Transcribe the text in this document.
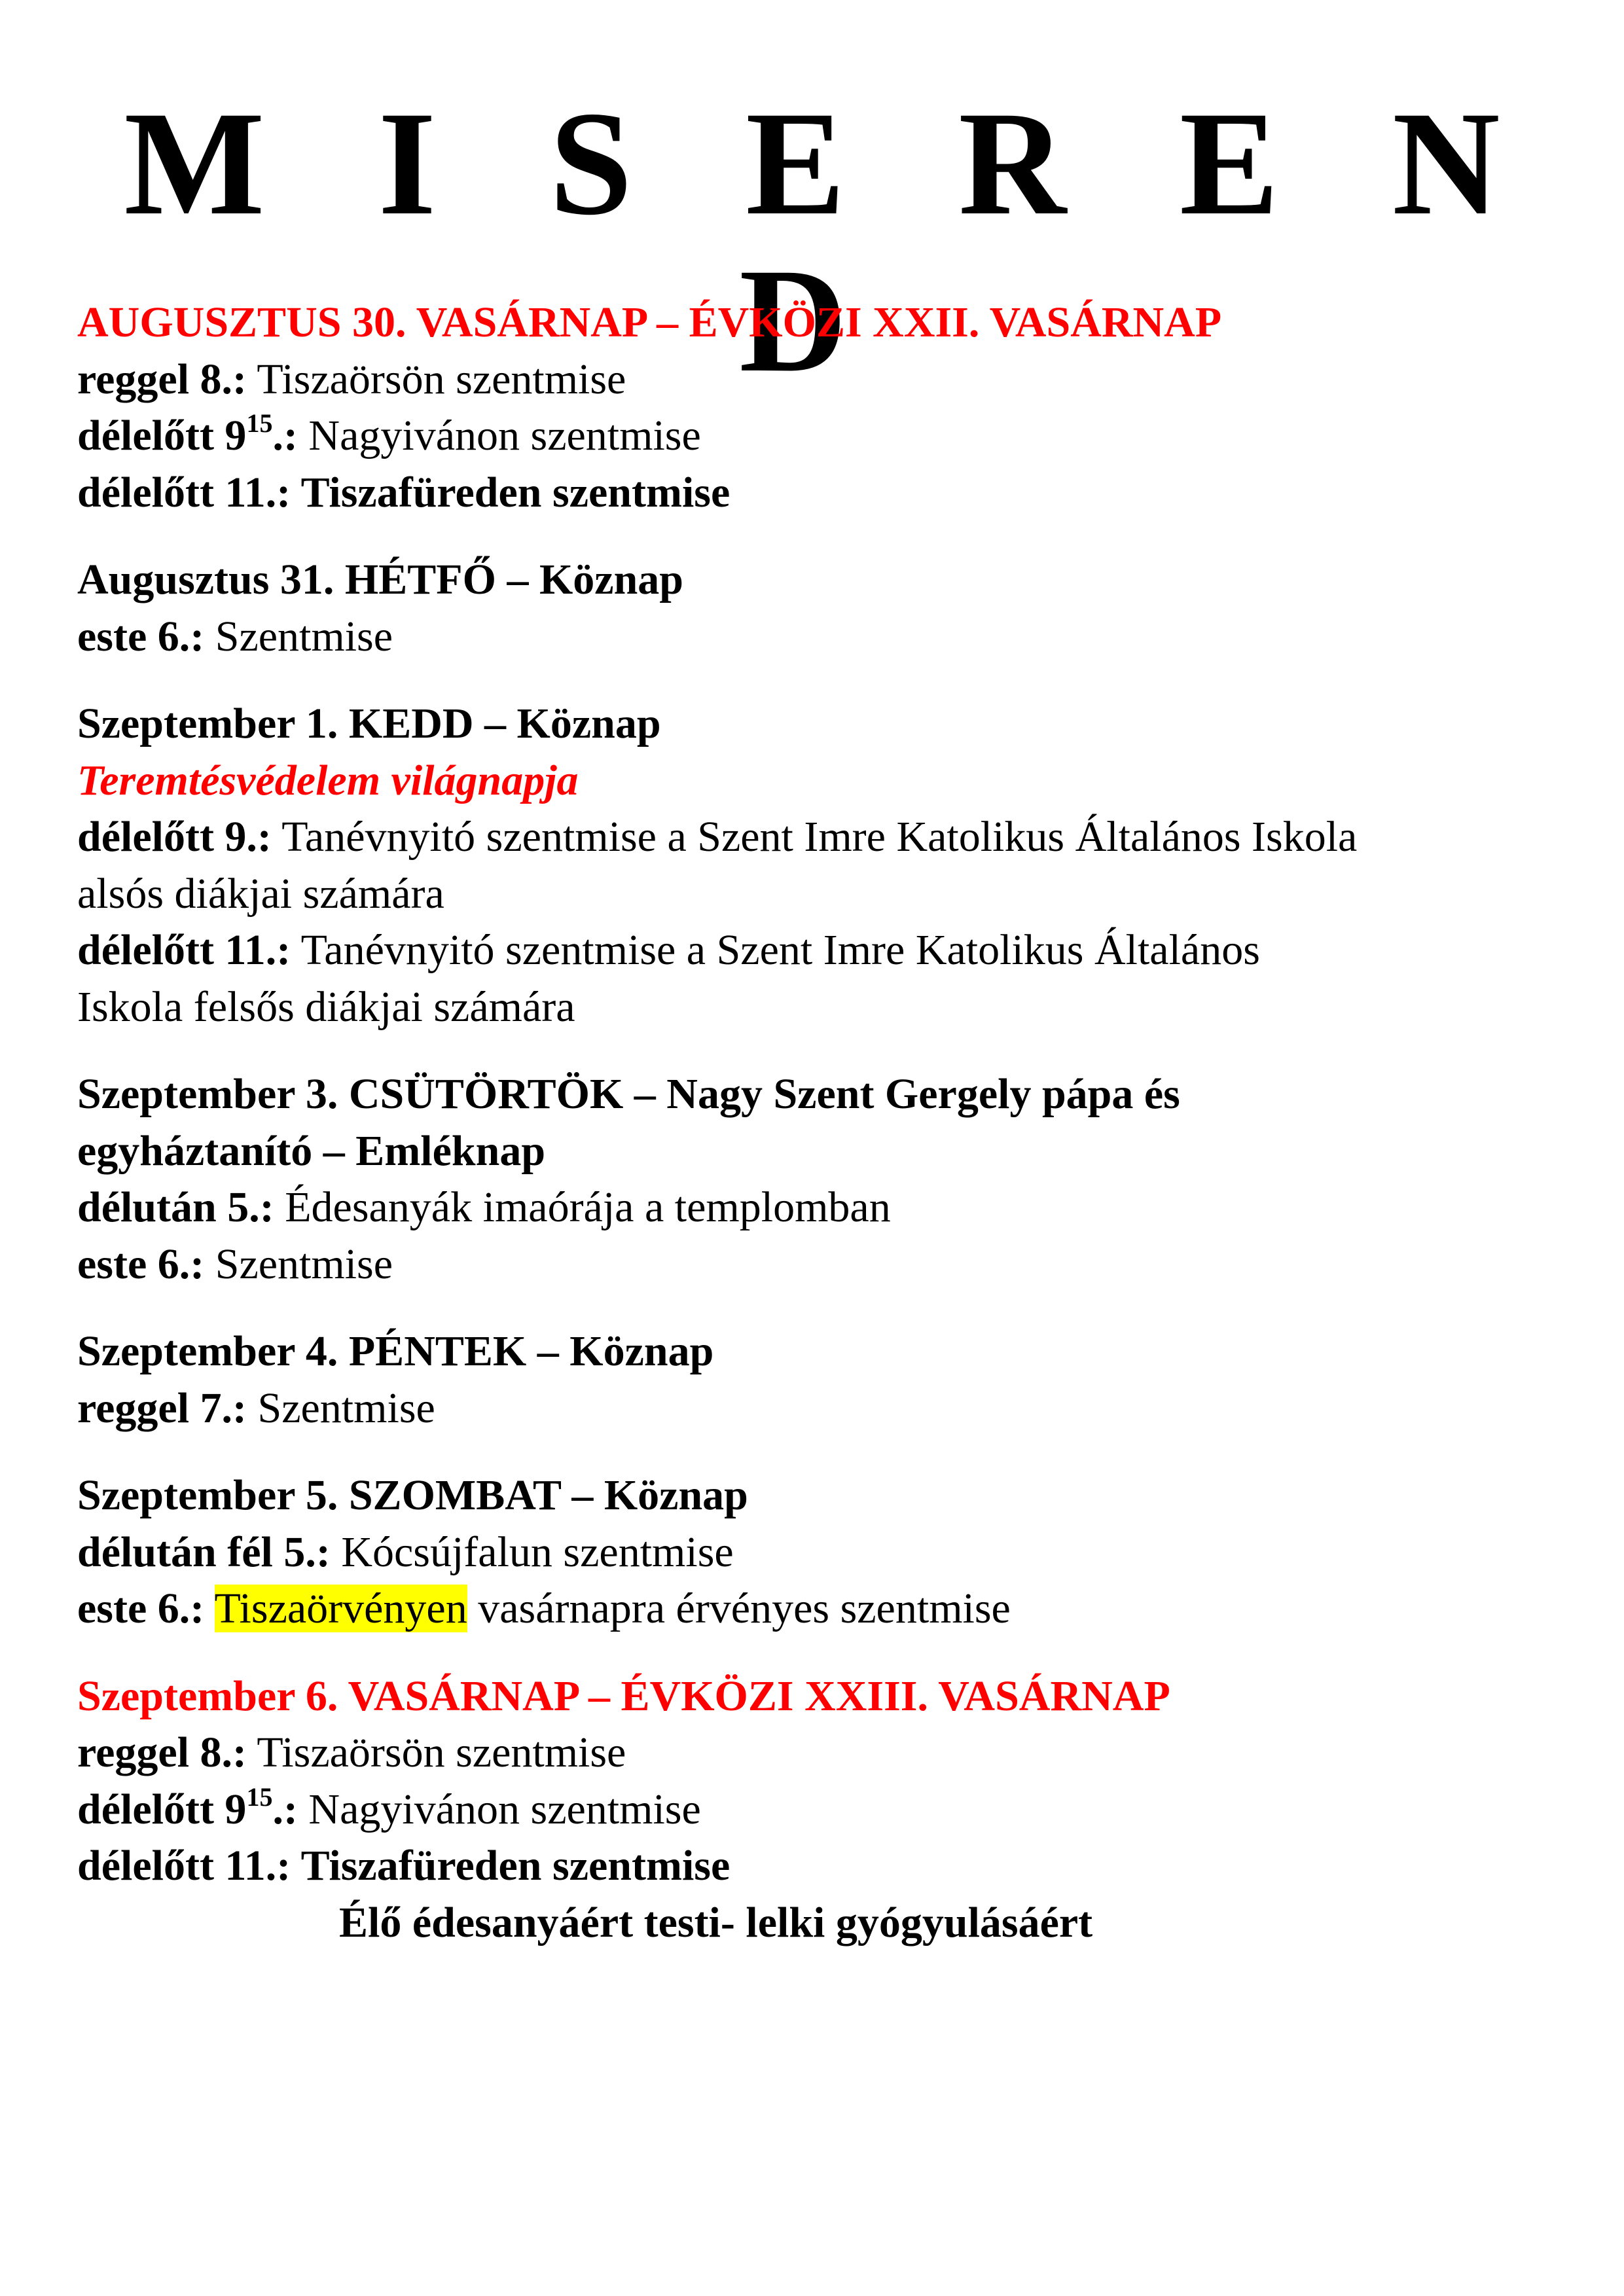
M I S E R E N D
AUGUSZTUS 30. VASÁRNAP – ÉVKÖZI XXII. VASÁRNAP
reggel 8.: Tiszaörsön szentmise
délelőtt $9^{15}$.: Nagyivánon szentmise
délelőtt 11.: Tiszafüreden szentmise
Augusztus 31. HÉTFŐ – Köznap
este 6.: Szentmise
Szeptember 1. KEDD – Köznap
Teremtésvédelem világnapja
délelőtt 9.: Tanévnyitó szentmise a Szent Imre Katolikus Általános Iskola
alsós diákjai számára
délelőtt 11.: Tanévnyitó szentmise a Szent Imre Katolikus Általános
Iskola felsős diákjai számára
Szeptember 3. CSÜTÖRTÖK – Nagy Szent Gergely pápa és
egyháztanító – Emléknap
délután 5.: Édesanyák imaórája a templomban
este 6.: Szentmise
Szeptember 4. PÉNTEK – Köznap
reggel 7.: Szentmise
Szeptember 5. SZOMBAT – Köznap
délután fél 5.: Kócsújfalun szentmise
este 6.: Tiszaörvényen vasárnapra érvényes szentmise
Szeptember 6. VASÁRNAP – ÉVKÖZI XXIII. VASÁRNAP
reggel 8.: Tiszaörsön szentmise
délelőtt $9^{15}$.: Nagyivánon szentmise
délelőtt 11.: Tiszafüreden szentmise
Élő édesanyáért testi- lelki gyógyulásáért
